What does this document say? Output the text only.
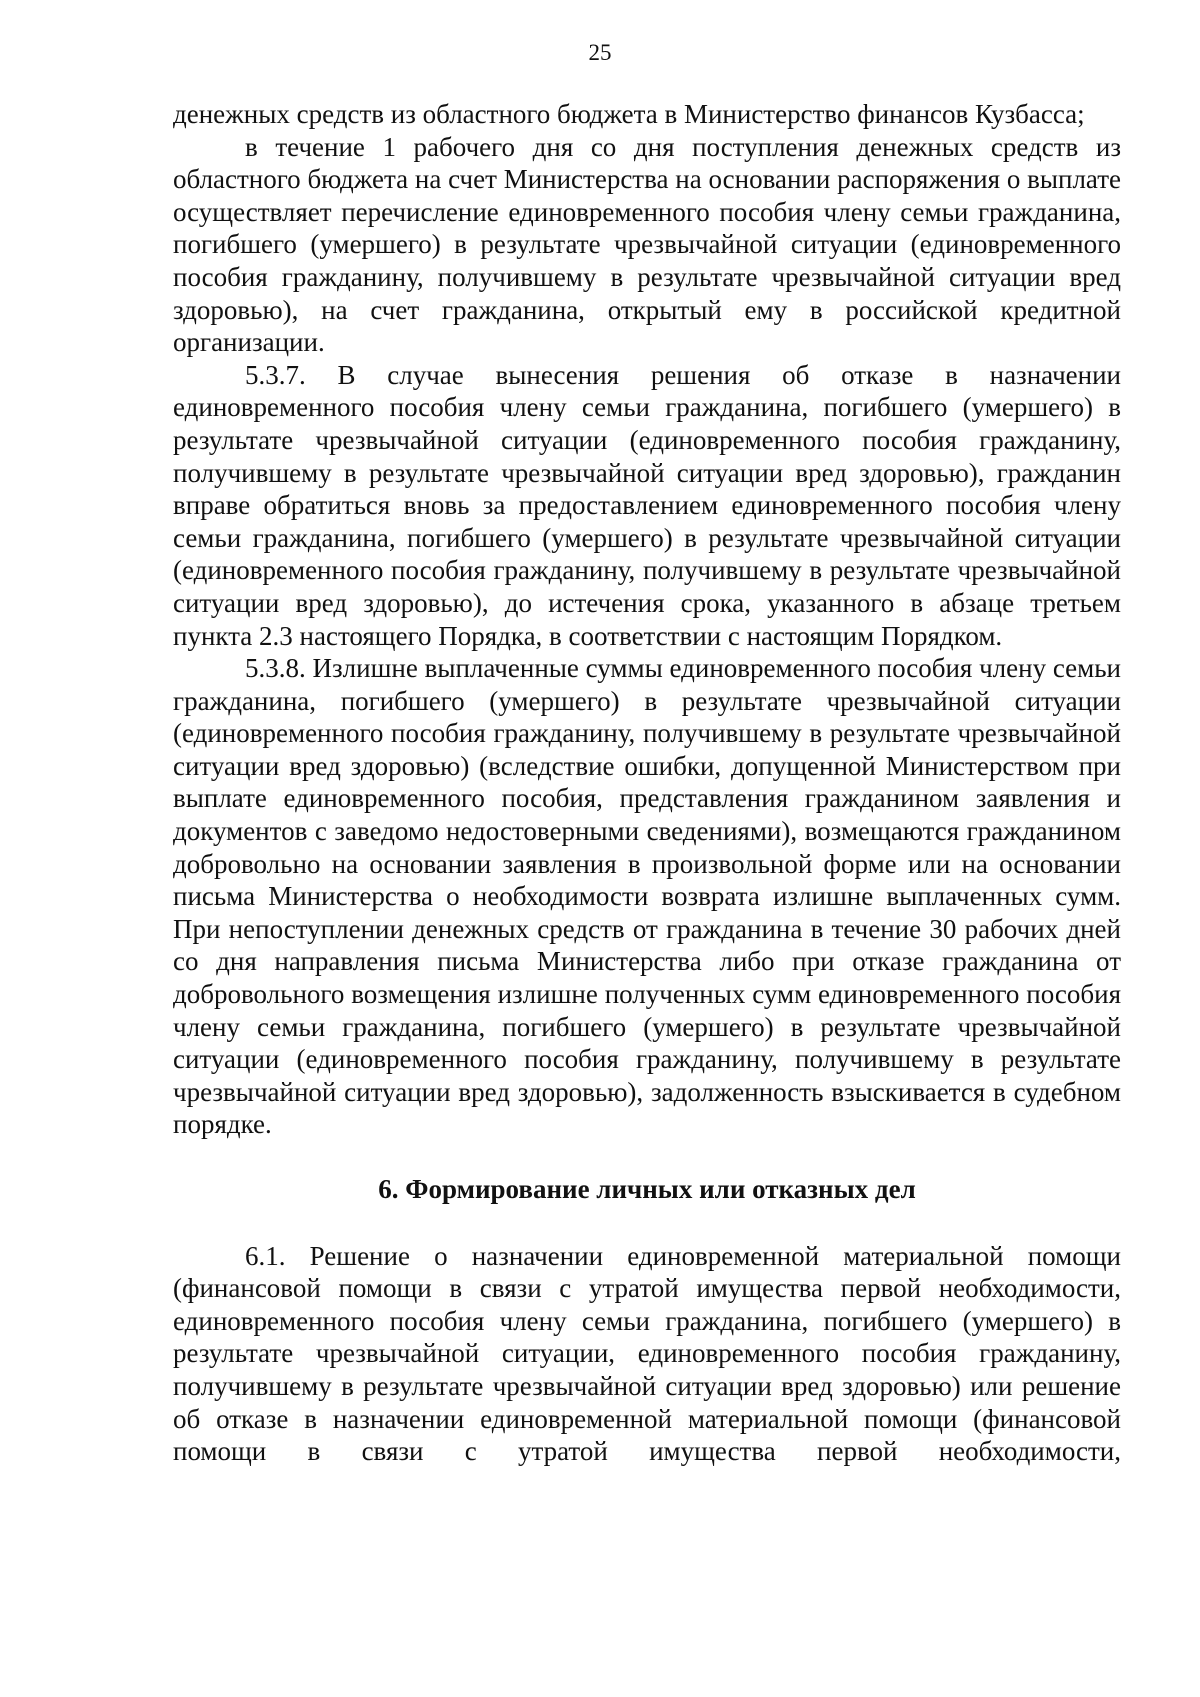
25

денежных средств из областного бюджета в Министерство финансов Кузбасса;

в течение 1 рабочего дня со дня поступления денежных средств из областного бюджета на счет Министерства на основании распоряжения о выплате осуществляет перечисление единовременного пособия члену семьи гражданина, погибшего (умершего) в результате чрезвычайной ситуации (единовременного пособия гражданину, получившему в результате чрезвычайной ситуации вред здоровью), на счет гражданина, открытый ему в российской кредитной организации.

5.3.7. В случае вынесения решения об отказе в назначении единовременного пособия члену семьи гражданина, погибшего (умершего) в результате чрезвычайной ситуации (единовременного пособия гражданину, получившему в результате чрезвычайной ситуации вред здоровью), гражданин вправе обратиться вновь за предоставлением единовременного пособия члену семьи гражданина, погибшего (умершего) в результате чрезвычайной ситуации (единовременного пособия гражданину, получившему в результате чрезвычайной ситуации вред здоровью), до истечения срока, указанного в абзаце третьем пункта 2.3 настоящего Порядка, в соответствии с настоящим Порядком.

5.3.8. Излишне выплаченные суммы единовременного пособия члену семьи гражданина, погибшего (умершего) в результате чрезвычайной ситуации (единовременного пособия гражданину, получившему в результате чрезвычайной ситуации вред здоровью) (вследствие ошибки, допущенной Министерством при выплате единовременного пособия, представления гражданином заявления и документов с заведомо недостоверными сведениями), возмещаются гражданином добровольно на основании заявления в произвольной форме или на основании письма Министерства о необходимости возврата излишне выплаченных сумм. При непоступлении денежных средств от гражданина в течение 30 рабочих дней со дня направления письма Министерства либо при отказе гражданина от добровольного возмещения излишне полученных сумм единовременного пособия члену семьи гражданина, погибшего (умершего) в результате чрезвычайной ситуации (единовременного пособия гражданину, получившему в результате чрезвычайной ситуации вред здоровью), задолженность взыскивается в судебном порядке.

6. Формирование личных или отказных дел

6.1. Решение о назначении единовременной материальной помощи (финансовой помощи в связи с утратой имущества первой необходимости, единовременного пособия члену семьи гражданина, погибшего (умершего) в результате чрезвычайной ситуации, единовременного пособия гражданину, получившему в результате чрезвычайной ситуации вред здоровью) или решение об отказе в назначении единовременной материальной помощи (финансовой помощи в связи с утратой имущества первой необходимости,
